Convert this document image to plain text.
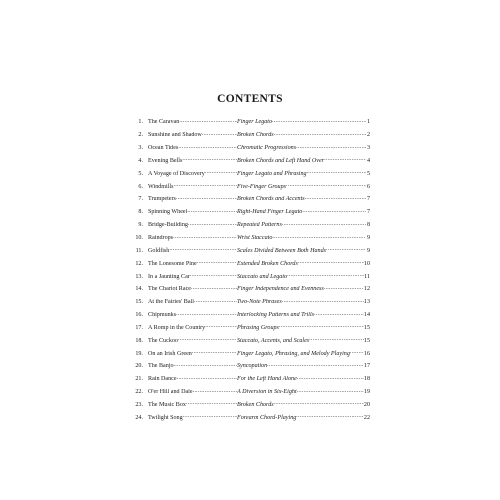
CONTENTS
1. The Caravan .....	Finger Legato .....	1
2. Sunshine and Shadow .....	Broken Chords .....	2
3. Ocean Tides .....	Chromatic Progressions .....	3
4. Evening Bells .....	Broken Chords and Left Hand Over .....	4
5. A Voyage of Discovery .....	Finger Legato and Phrasing .....	5
6. Windmills .....	Five-Finger Groups .....	6
7. Trumpeters .....	Broken Chords and Accents .....	7
8. Spinning Wheel .....	Right-Hand Finger Legato .....	7
9. Bridge-Building .....	Repeated Patterns .....	8
10. Raindrops .....	Wrist Staccato .....	9
11. Goldfish .....	Scales Divided Between Both Hands .....	9
12. The Lonesome Pine .....	Extended Broken Chords .....	10
13. In a Jaunting Car .....	Staccato and Legato .....	11
14. The Chariot Race .....	Finger Independence and Evenness .....	12
15. At the Fairies' Ball .....	Two-Note Phrases .....	13
16. Chipmunks .....	Interlocking Patterns and Trills .....	14
17. A Romp in the Country .....	Phrasing Groups .....	15
18. The Cuckoo .....	Staccato, Accents, and Scales .....	15
19. On an Irish Green .....	Finger Legato, Phrasing, and Melody Playing ..... 16
20. The Banjo .....	Syncopation .....	17
21. Rain Dance .....	For the Left Hand Alone .....	18
22. O'er Hill and Dale .....	A Diversion in Six-Eight .....	19
23. The Music Box .....	Broken Chords .....	20
24. Twilight Song .....	Forearm Chord-Playing .....	22
